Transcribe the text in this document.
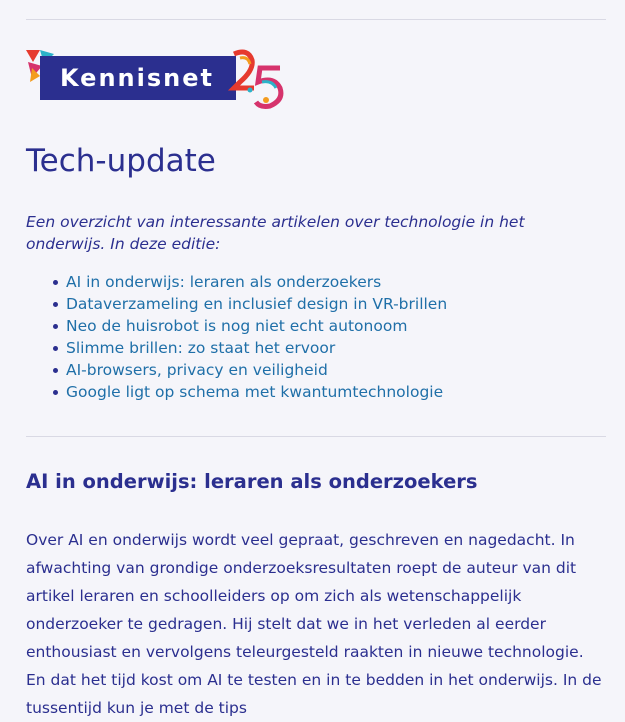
Kennisnet
Tech-update

Een overzicht van interessante artikelen over technologie in het onderwijs. In deze editie:

AI in onderwijs: leraren als onderzoekers
Dataverzameling en inclusief design in VR-brillen
Neo de huisrobot is nog niet echt autonoom
Slimme brillen: zo staat het ervoor
AI-browsers, privacy en veiligheid
Google ligt op schema met kwantumtechnologie
AI in onderwijs: leraren als onderzoekers

Over AI en onderwijs wordt veel gepraat, geschreven en nagedacht. In afwachting van grondige onderzoeksresultaten roept de auteur van dit artikel leraren en schoolleiders op om zich als wetenschappelijk onderzoeker te gedragen. Hij stelt dat we in het verleden al eerder enthousiast en vervolgens teleurgesteld raakten in nieuwe technologie. En dat het tijd kost om AI te testen en in te bedden in het onderwijs. In de tussentijd kun je met de tips
